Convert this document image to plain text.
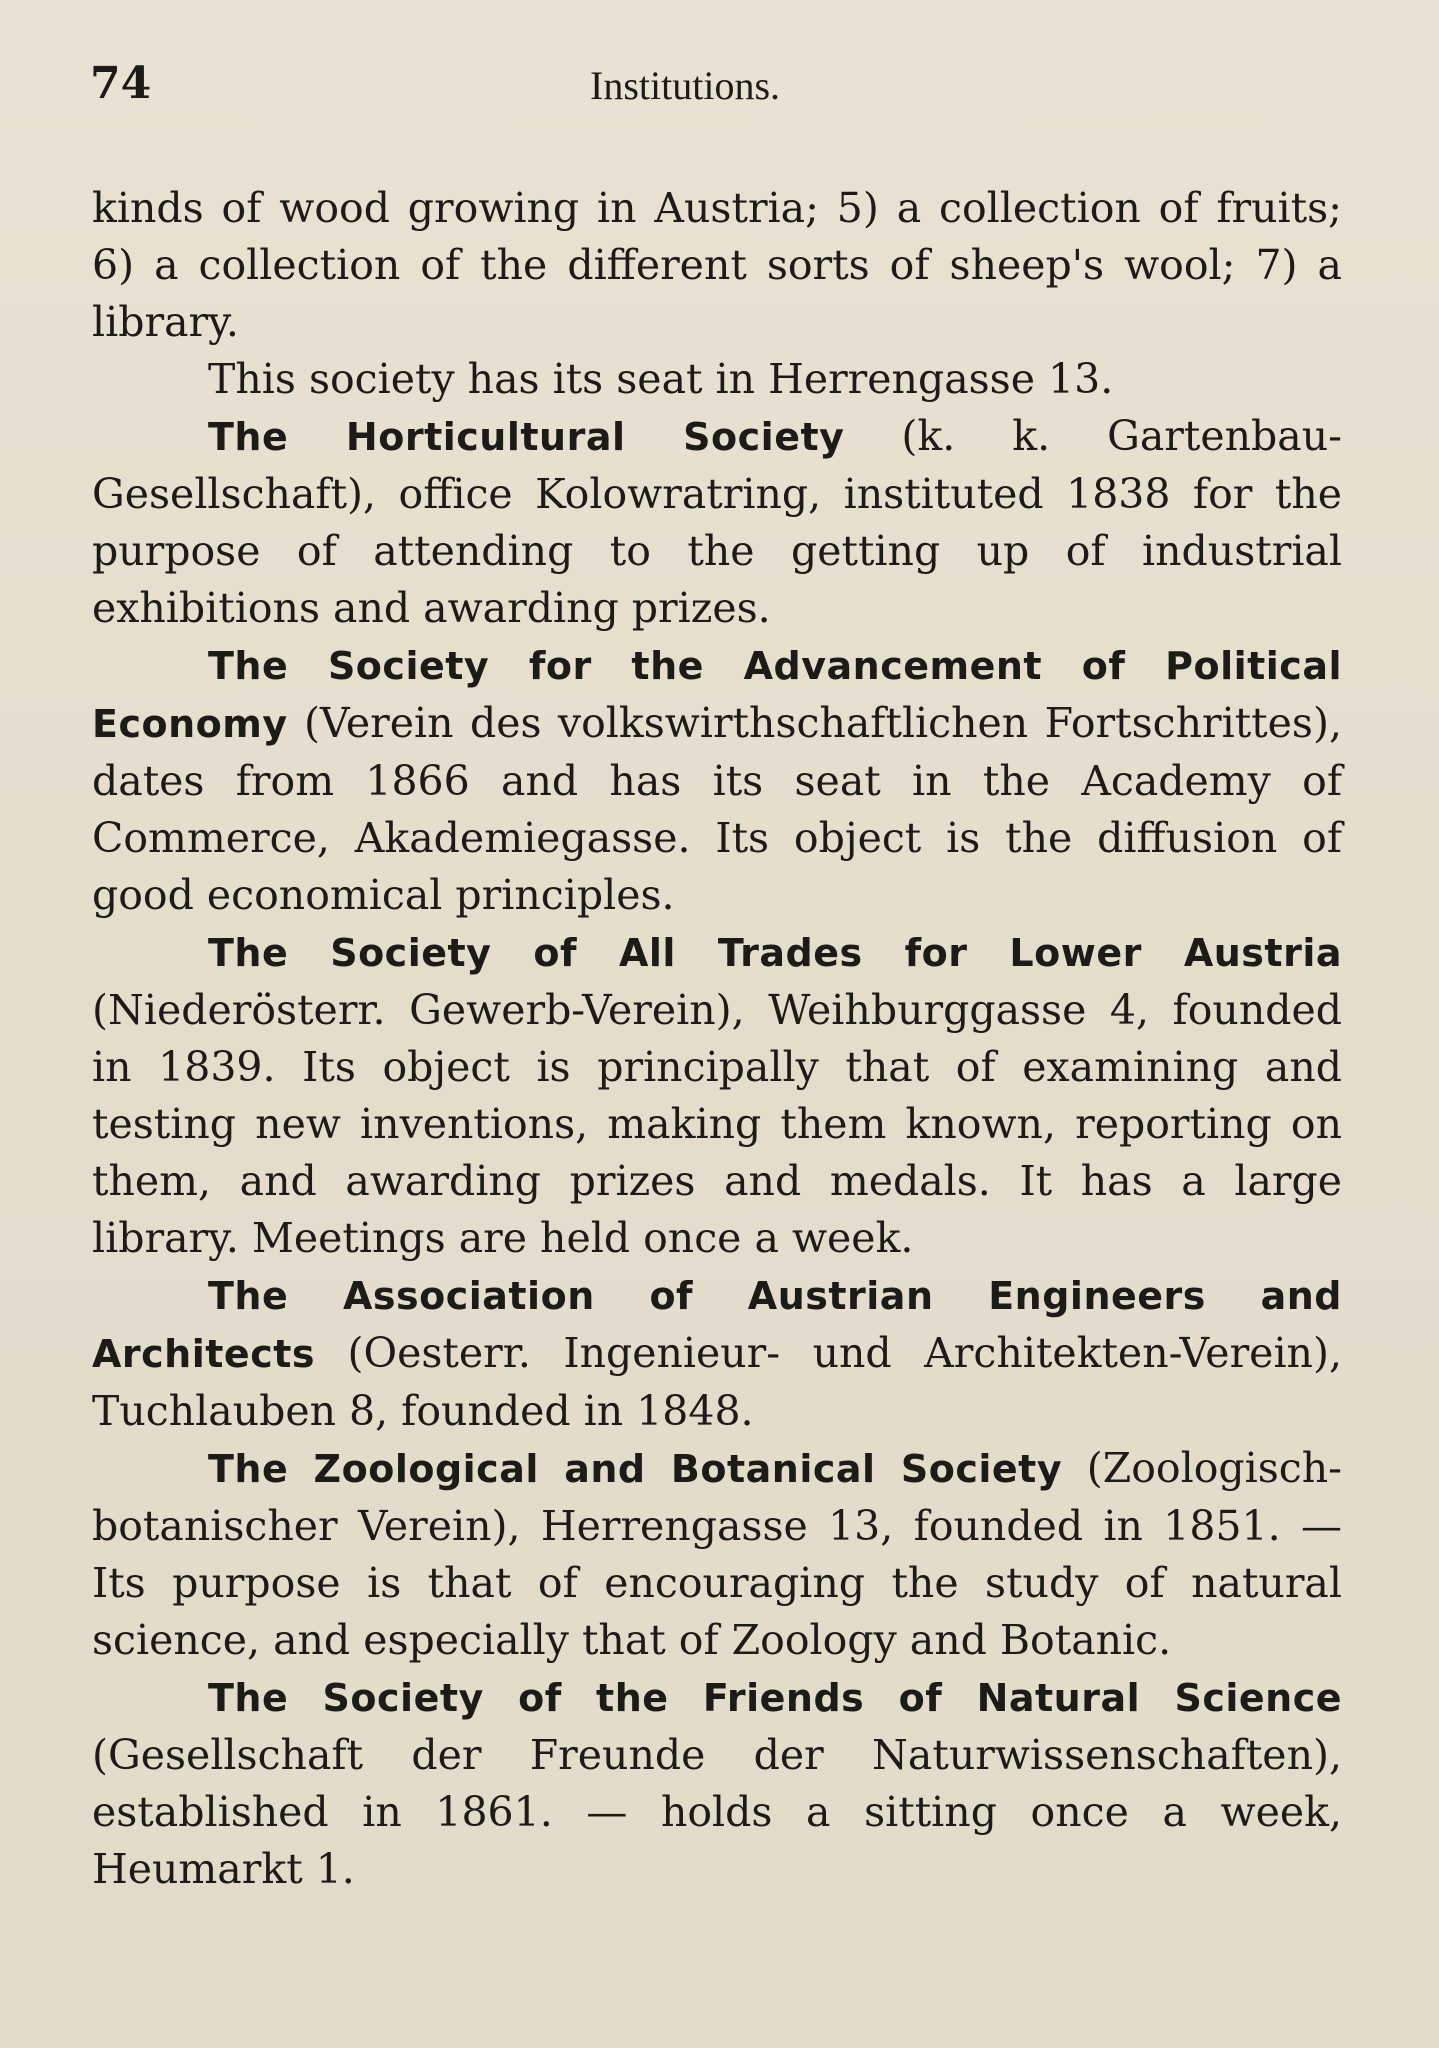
74	Institutions.

kinds of wood growing in Austria; 5) a collection of fruits; 6) a collection of the different sorts of sheep's wool; 7) a library.

This society has its seat in Herrengasse 13.

The Horticultural Society (k. k. Gartenbau-Gesellschaft), office Kolowratring, instituted 1838 for the purpose of attending to the getting up of industrial exhibitions and awarding prizes.

The Society for the Advancement of Political Economy (Verein des volkswirthschaftlichen Fortschrittes), dates from 1866 and has its seat in the Academy of Commerce, Akademiegasse. Its object is the diffusion of good economical principles.

The Society of All Trades for Lower Austria (Niederösterr. Gewerb-Verein), Weihburggasse 4, founded in 1839. Its object is principally that of examining and testing new inventions, making them known, reporting on them, and awarding prizes and medals. It has a large library. Meetings are held once a week.

The Association of Austrian Engineers and Architects (Oesterr. Ingenieur- und Architekten-Verein), Tuchlauben 8, founded in 1848.

The Zoological and Botanical Society (Zoologisch-botanischer Verein), Herrengasse 13, founded in 1851. — Its purpose is that of encouraging the study of natural science, and especially that of Zoology and Botanic.

The Society of the Friends of Natural Science (Gesellschaft der Freunde der Naturwissenschaften), established in 1861. — holds a sitting once a week, Heumarkt 1.
